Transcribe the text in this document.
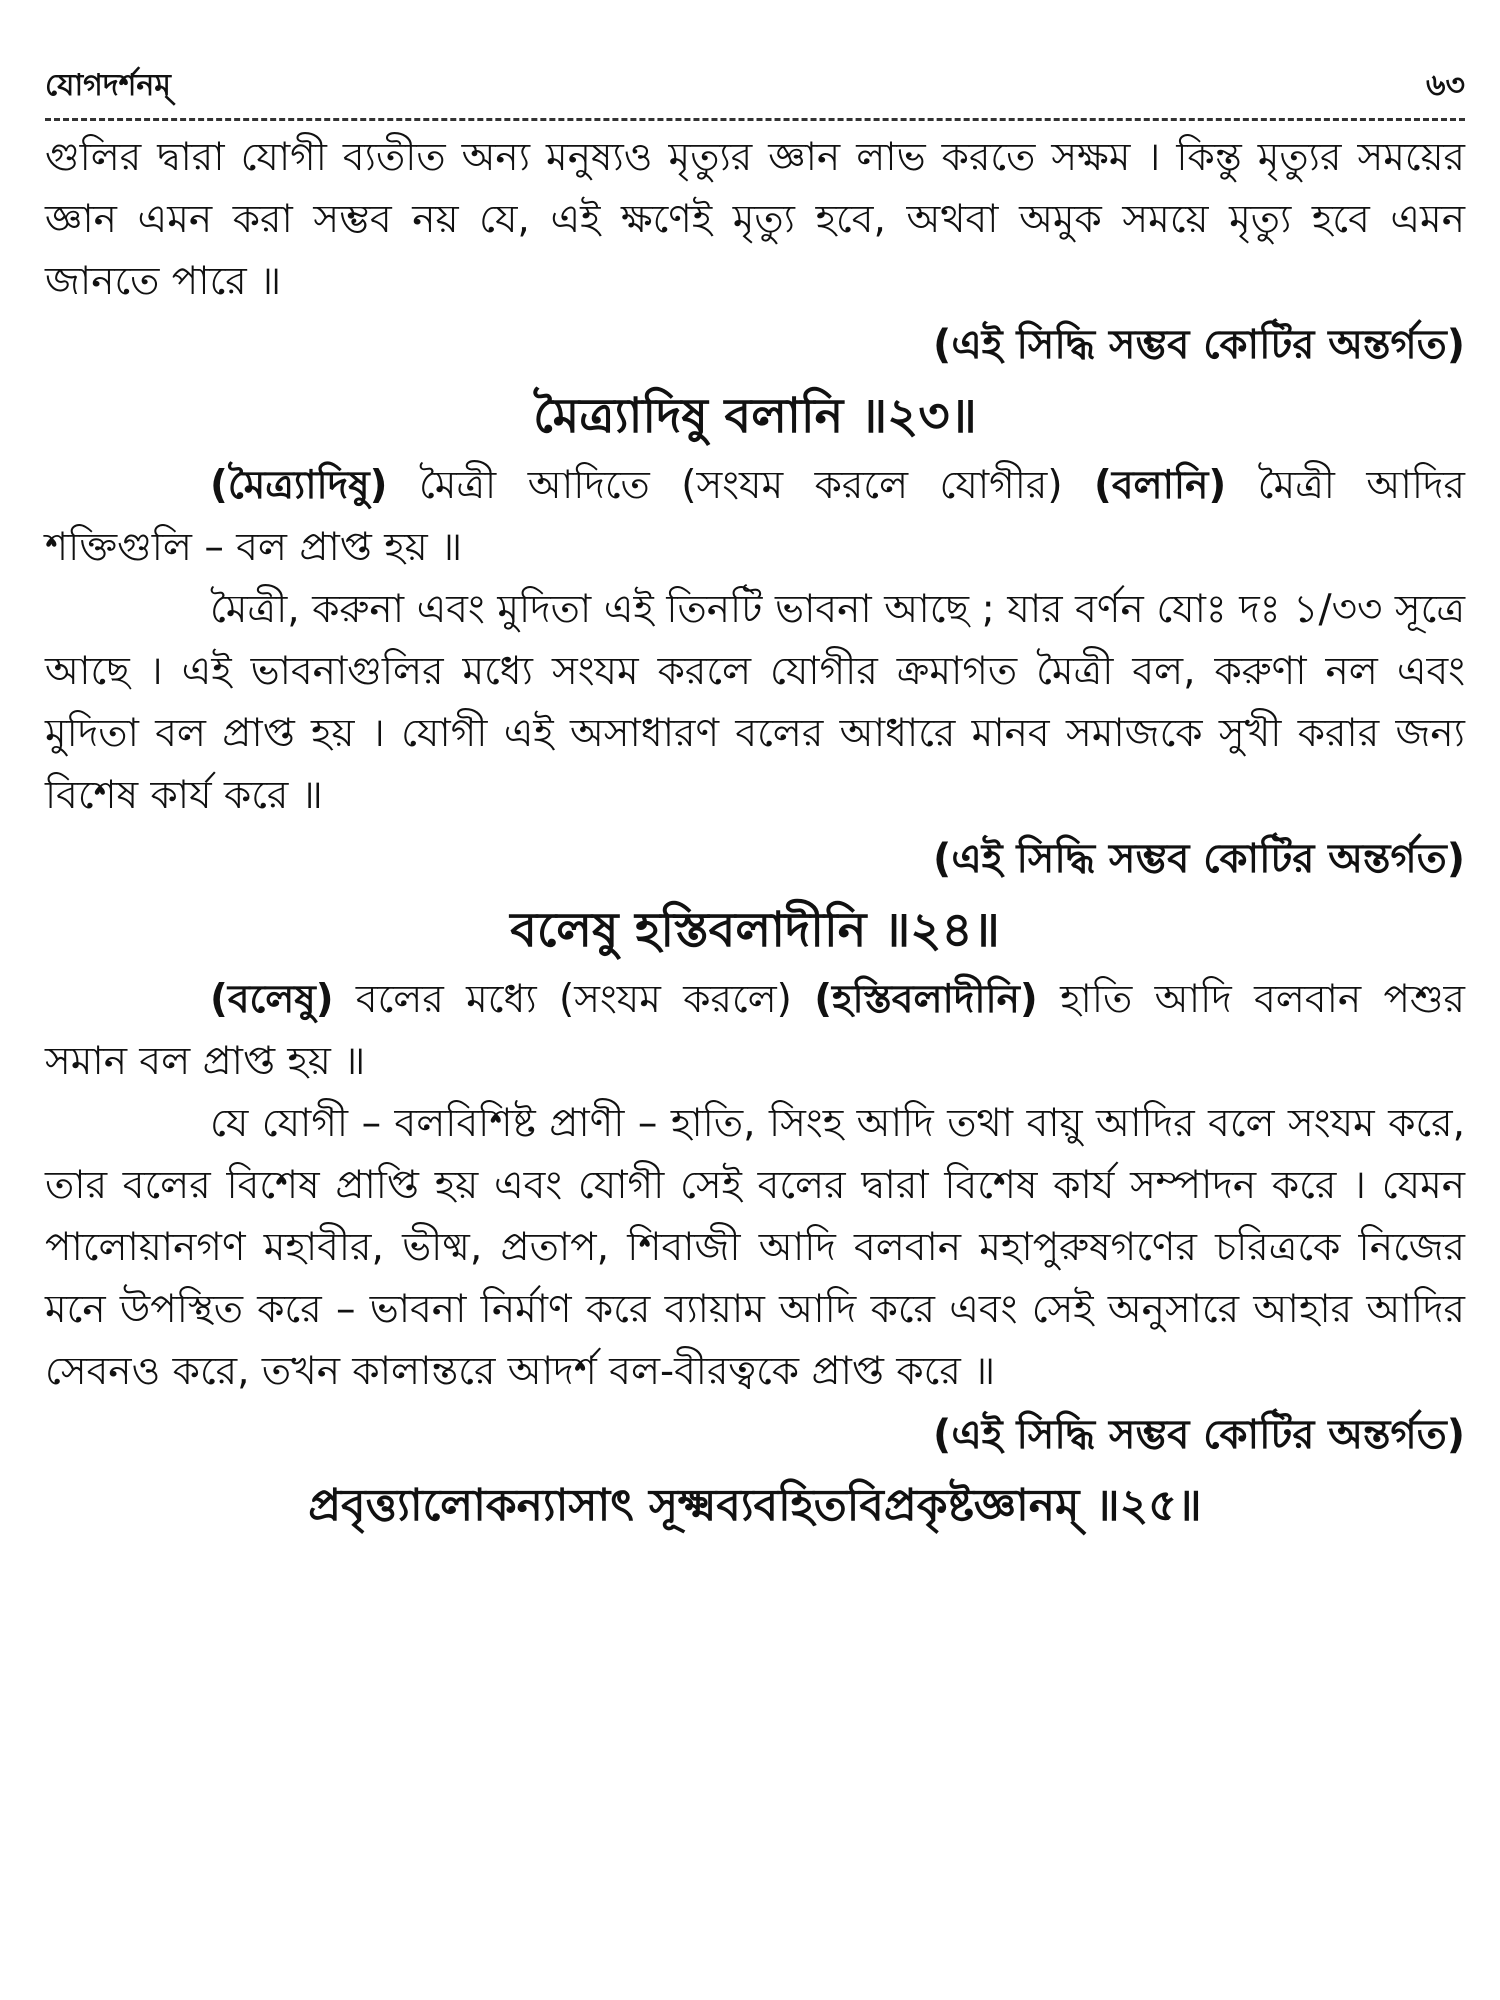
যোগদর্শনম্	৬৩

গুলির দ্বারা যোগী ব্যতীত অন্য মনুষ্যও মৃত্যুর জ্ঞান লাভ করতে সক্ষম । কিন্তু মৃত্যুর সময়ের জ্ঞান এমন করা সম্ভব নয় যে, এই ক্ষণেই মৃত্যু হবে, অথবা অমুক সময়ে মৃত্যু হবে এমন জানতে পারে ॥

(এই সিদ্ধি সম্ভব কোটির অন্তর্গত)

মৈত্র্যাদিষু বলানি ॥২৩॥

(মৈত্র্যাদিষু) মৈত্রী আদিতে (সংযম করলে যোগীর) (বলানি) মৈত্রী আদির শক্তিগুলি – বল প্রাপ্ত হয় ॥

মৈত্রী, করুনা এবং মুদিতা এই তিনটি ভাবনা আছে ; যার বর্ণন যোঃ দঃ ১/৩৩ সূত্রে আছে । এই ভাবনাগুলির মধ্যে সংযম করলে যোগীর ক্রমাগত মৈত্রী বল, করুণা নল এবং মুদিতা বল প্রাপ্ত হয় । যোগী এই অসাধারণ বলের আধারে মানব সমাজকে সুখী করার জন্য বিশেষ কার্য করে ॥

(এই সিদ্ধি সম্ভব কোটির অন্তর্গত)

বলেষু হস্তিবলাদীনি ॥২৪॥

(বলেষু) বলের মধ্যে (সংযম করলে) (হস্তিবলাদীনি) হাতি আদি বলবান পশুর সমান বল প্রাপ্ত হয় ॥

যে যোগী – বলবিশিষ্ট প্রাণী – হাতি, সিংহ আদি তথা বায়ু আদির বলে সংযম করে, তার বলের বিশেষ প্রাপ্তি হয় এবং যোগী সেই বলের দ্বারা বিশেষ কার্য সম্পাদন করে । যেমন পালোয়ানগণ মহাবীর, ভীষ্ম, প্রতাপ, শিবাজী আদি বলবান মহাপুরুষগণের চরিত্রকে নিজের মনে উপস্থিত করে – ভাবনা নির্মাণ করে ব্যায়াম আদি করে এবং সেই অনুসারে আহার আদির সেবনও করে, তখন কালান্তরে আদর্শ বল-বীরত্বকে প্রাপ্ত করে ॥

(এই সিদ্ধি সম্ভব কোটির অন্তর্গত)

প্রবৃত্ত্যালোকন্যাসাৎ সূক্ষ্মব্যবহিতবিপ্রকৃষ্টজ্ঞানম্ ॥২৫॥
